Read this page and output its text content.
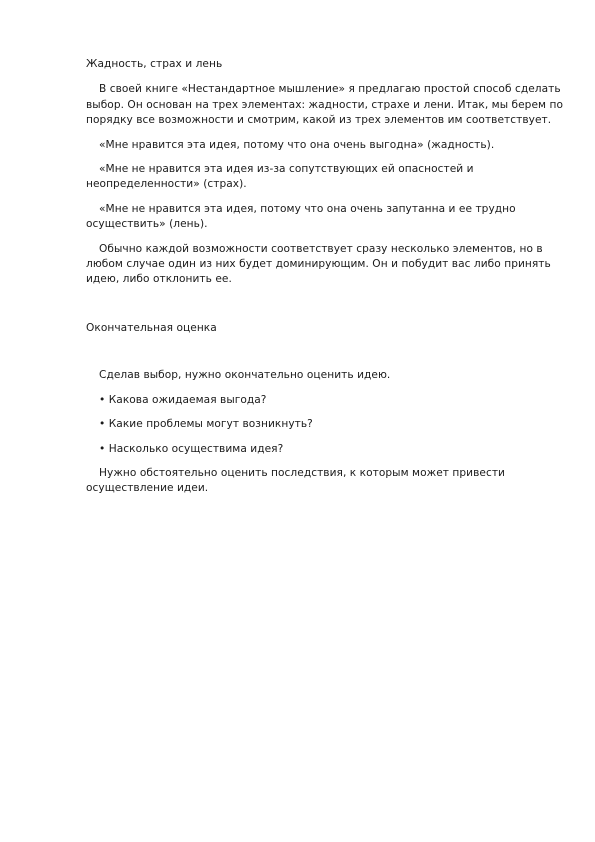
Жадность, страх и лень
В своей книге «Нестандартное мышление» я предлагаю простой способ сделать выбор. Он основан на трех элементах: жадности, страхе и лени. Итак, мы берем по порядку все возможности и смотрим, какой из трех элементов им соответствует.
«Мне нравится эта идея, потому что она очень выгодна» (жадность).
«Мне не нравится эта идея из-за сопутствующих ей опасностей и неопределенности» (страх).
«Мне не нравится эта идея, потому что она очень запутанна и ее трудно осуществить» (лень).
Обычно каждой возможности соответствует сразу несколько элементов, но в любом случае один из них будет доминирующим. Он и побудит вас либо принять идею, либо отклонить ее.
Окончательная оценка
Сделав выбор, нужно окончательно оценить идею.
• Какова ожидаемая выгода?
• Какие проблемы могут возникнуть?
• Насколько осуществима идея?
Нужно обстоятельно оценить последствия, к которым может привести осуществление идеи.
